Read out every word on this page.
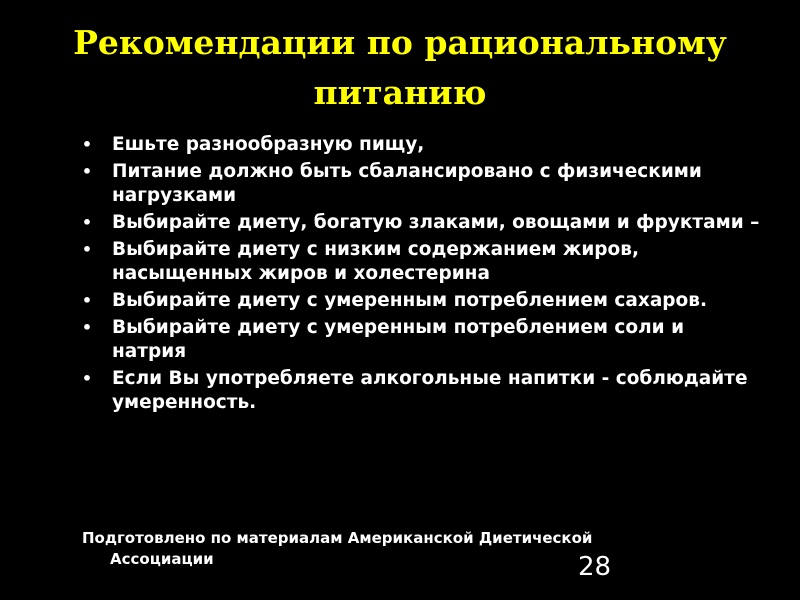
Рекомендации по рациональному питанию
• Ешьте разнообразную пищу,
• Питание должно быть сбалансировано с физическими нагрузками
• Выбирайте диету, богатую злаками, овощами и фруктами –
• Выбирайте диету с низким содержанием жиров, насыщенных жиров и холестерина
• Выбирайте диету с умеренным потреблением сахаров.
• Выбирайте диету с умеренным потреблением соли и натрия
• Если Вы употребляете алкогольные напитки - соблюдайте умеренность.
Подготовлено по материалам Американской Диетической
Ассоциации	28
